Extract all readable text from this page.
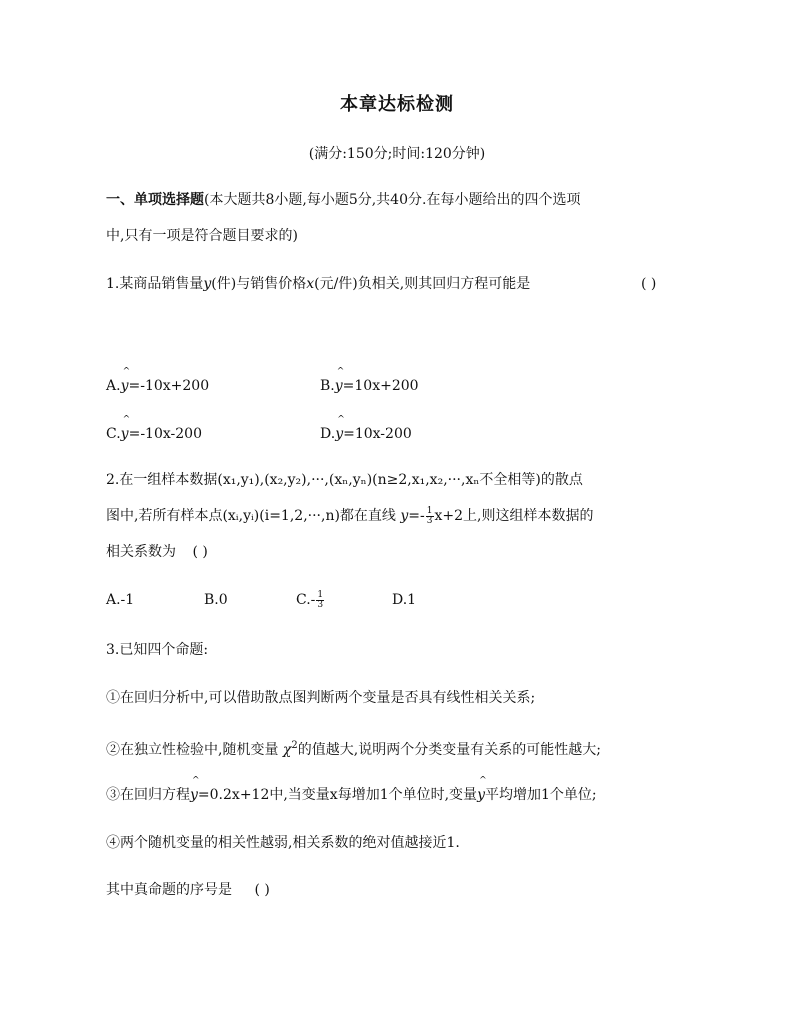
本章达标检测
(满分:150分;时间:120分钟)
一、单项选择题(本大题共8小题,每小题5分,共40分.在每小题给出的四个选项
中,只有一项是符合题目要求的)
1.某商品销售量y(件)与销售价格x(元/件)负相关,则其回归方程可能是	( )
A.^ y=-10x+200	B.^ y=10x+200
C.^ y=-10x-200	D.^ y=10x-200
2.在一组样本数据(x₁,y₁),(x₂,y₂),···,(xₙ,yₙ)(n≥2,x₁,x₂,···,xₙ不全相等)的散点
图中,若所有样本点(xᵢ,yᵢ)(i=1,2,···,n)都在直线 $y=- \frac{1}{3} x+2$上,则这组样本数据的
相关系数为 ( )
A.-1	B.0	$C.- \frac{1}{3}$	D.1
3.已知四个命题:
①在回归分析中,可以借助散点图判断两个变量是否具有线性相关关系;
②在独立性检验中,随机变量 $\chi^2$的值越大,说明两个分类变量有关系的可能性越大;
③在回归方程^ y=0.2x+12中,当变量x每增加1个单位时,变量^ y平均增加1个单位;
④两个随机变量的相关性越弱,相关系数的绝对值越接近1.
其中真命题的序号是 ( )
